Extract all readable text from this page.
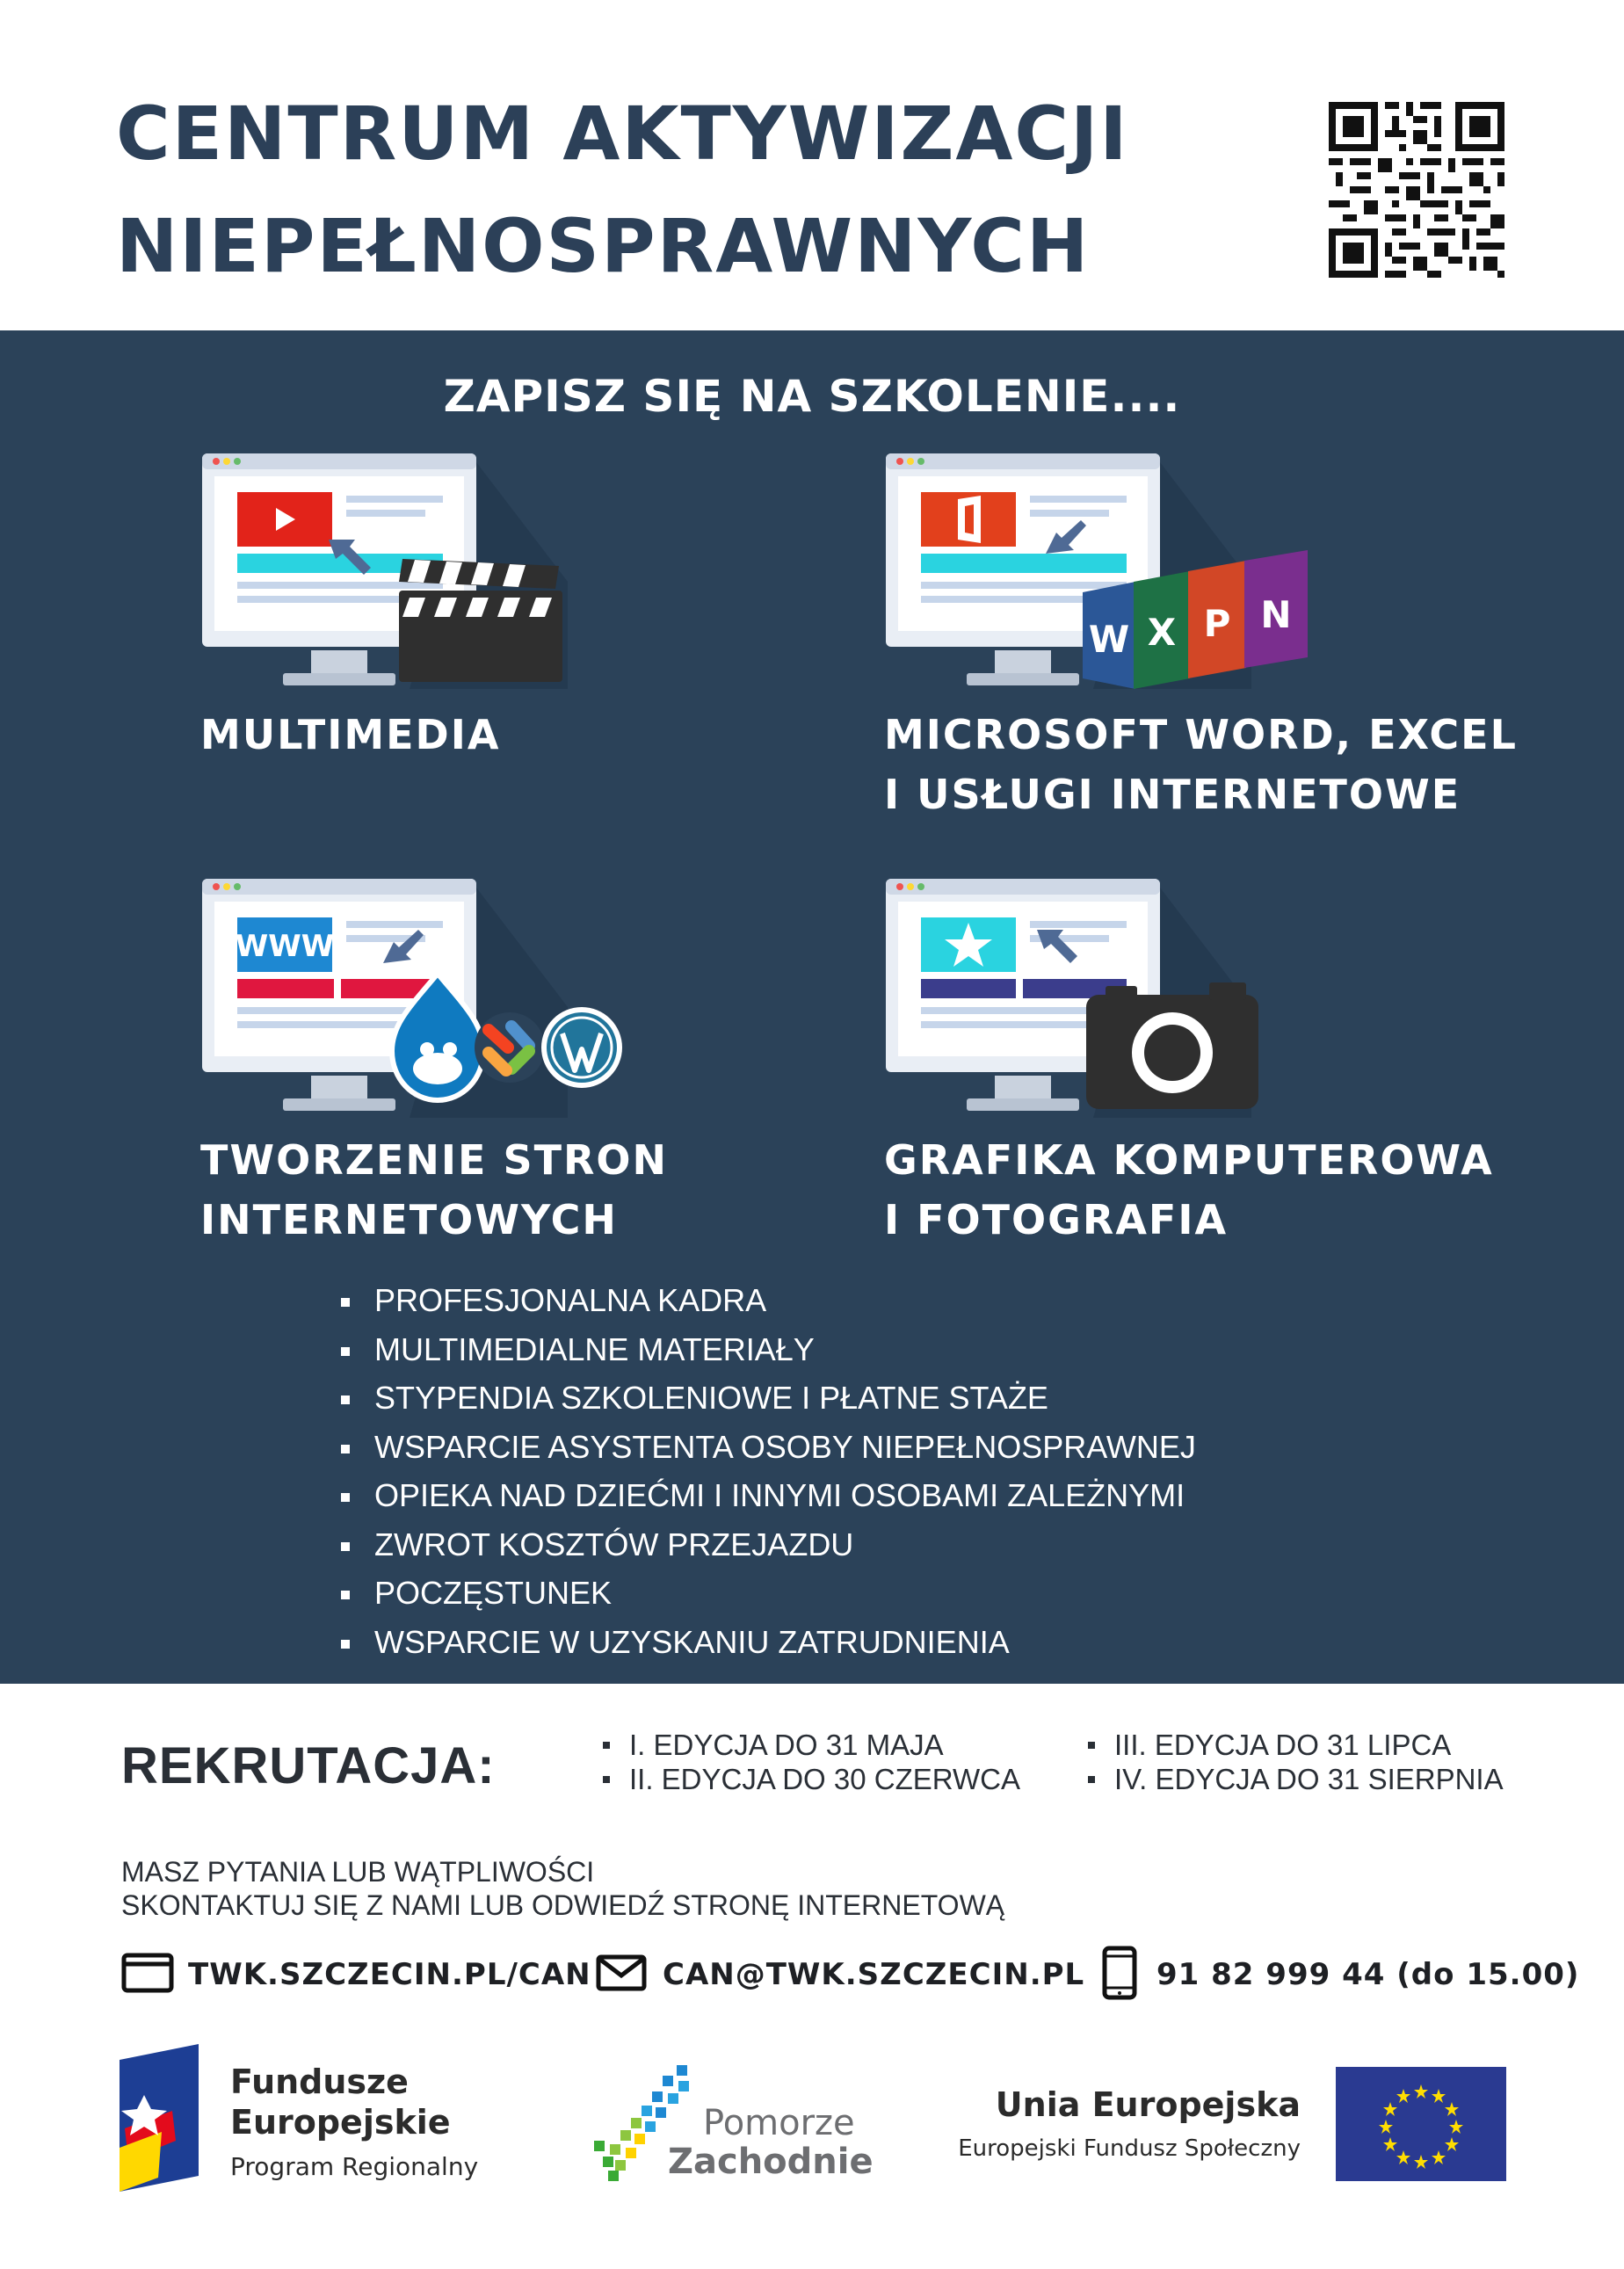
CENTRUM AKTYWIZACJI
NIEPEŁNOSPRAWNYCH
ZAPISZ SIĘ NA SZKOLENIE....
MULTIMEDIA
W X P N
MICROSOFT WORD, EXCEL
I USŁUGI INTERNETOWE
WWW
TWORZENIE STRON
INTERNETOWYCH
GRAFIKA KOMPUTEROWA
I FOTOGRAFIA
PROFESJONALNA KADRA
MULTIMEDIALNE MATERIAŁY
STYPENDIA SZKOLENIOWE I PŁATNE STAŻE
WSPARCIE ASYSTENTA OSOBY NIEPEŁNOSPRAWNEJ
OPIEKA NAD DZIEĆMI I INNYMI OSOBAMI ZALEŻNYMI
ZWROT KOSZTÓW PRZEJAZDU
POCZĘSTUNEK
WSPARCIE W UZYSKANIU ZATRUDNIENIA
REKRUTACJA:	I. EDYCJA DO 31 MAJA
II. EDYCJA DO 30 CZERWCA
III. EDYCJA DO 31 LIPCA
IV. EDYCJA DO 31 SIERPNIA
MASZ PYTANIA LUB WĄTPLIWOŚCI
SKONTAKTUJ SIĘ Z NAMI LUB ODWIEDŹ STRONĘ INTERNETOWĄ
TWK.SZCZECIN.PL/CAN CAN@TWK.SZCZECIN.PL 91 82 999 44 (do 15.00)
Fundusze
Europejskie
Program Regionalny
Pomorze
Zachodnie
Unia Europejska
Europejski Fundusz Społeczny
